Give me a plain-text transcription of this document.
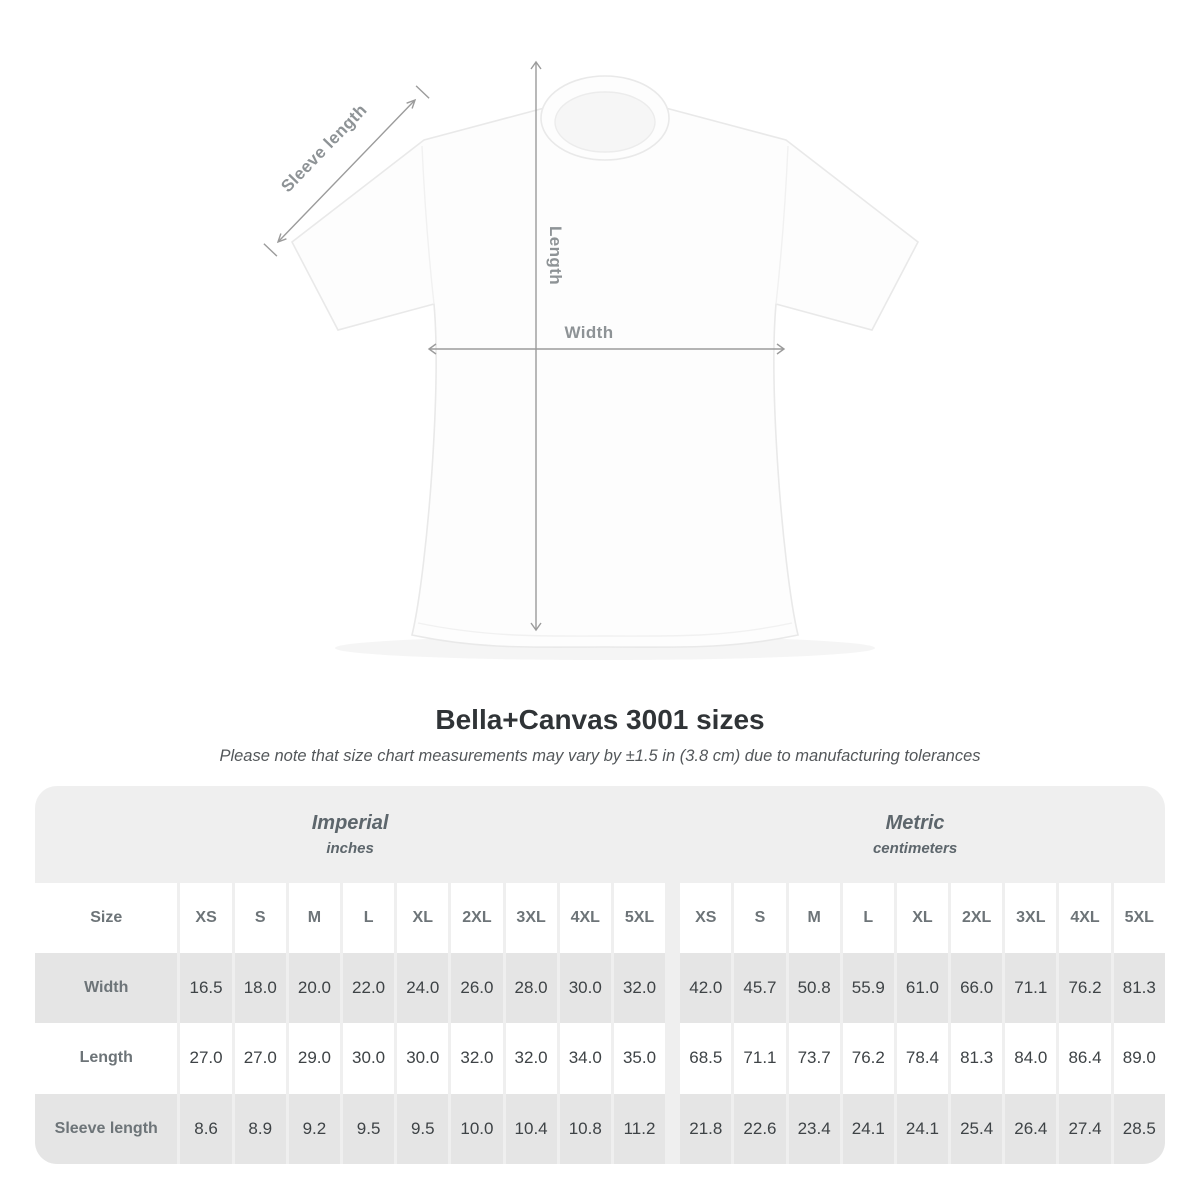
Sleeve length
Length
Width
Bella+Canvas 3001 sizes
Please note that size chart measurements may vary by ±1.5 in (3.8 cm) due to manufacturing tolerances
Imperial
inches

Metric
centimeters

Size	XS	S	M	L	XL	2XL	3XL	4XL	5XL		XS	S	M	L	XL	2XL	3XL	4XL	5XL
Width	16.5	18.0	20.0	22.0	24.0	26.0	28.0	30.0	32.0		42.0	45.7	50.8	55.9	61.0	66.0	71.1	76.2	81.3
Length	27.0	27.0	29.0	30.0	30.0	32.0	32.0	34.0	35.0		68.5	71.1	73.7	76.2	78.4	81.3	84.0	86.4	89.0
Sleeve length	8.6	8.9	9.2	9.5	9.5	10.0	10.4	10.8	11.2		21.8	22.6	23.4	24.1	24.1	25.4	26.4	27.4	28.5
